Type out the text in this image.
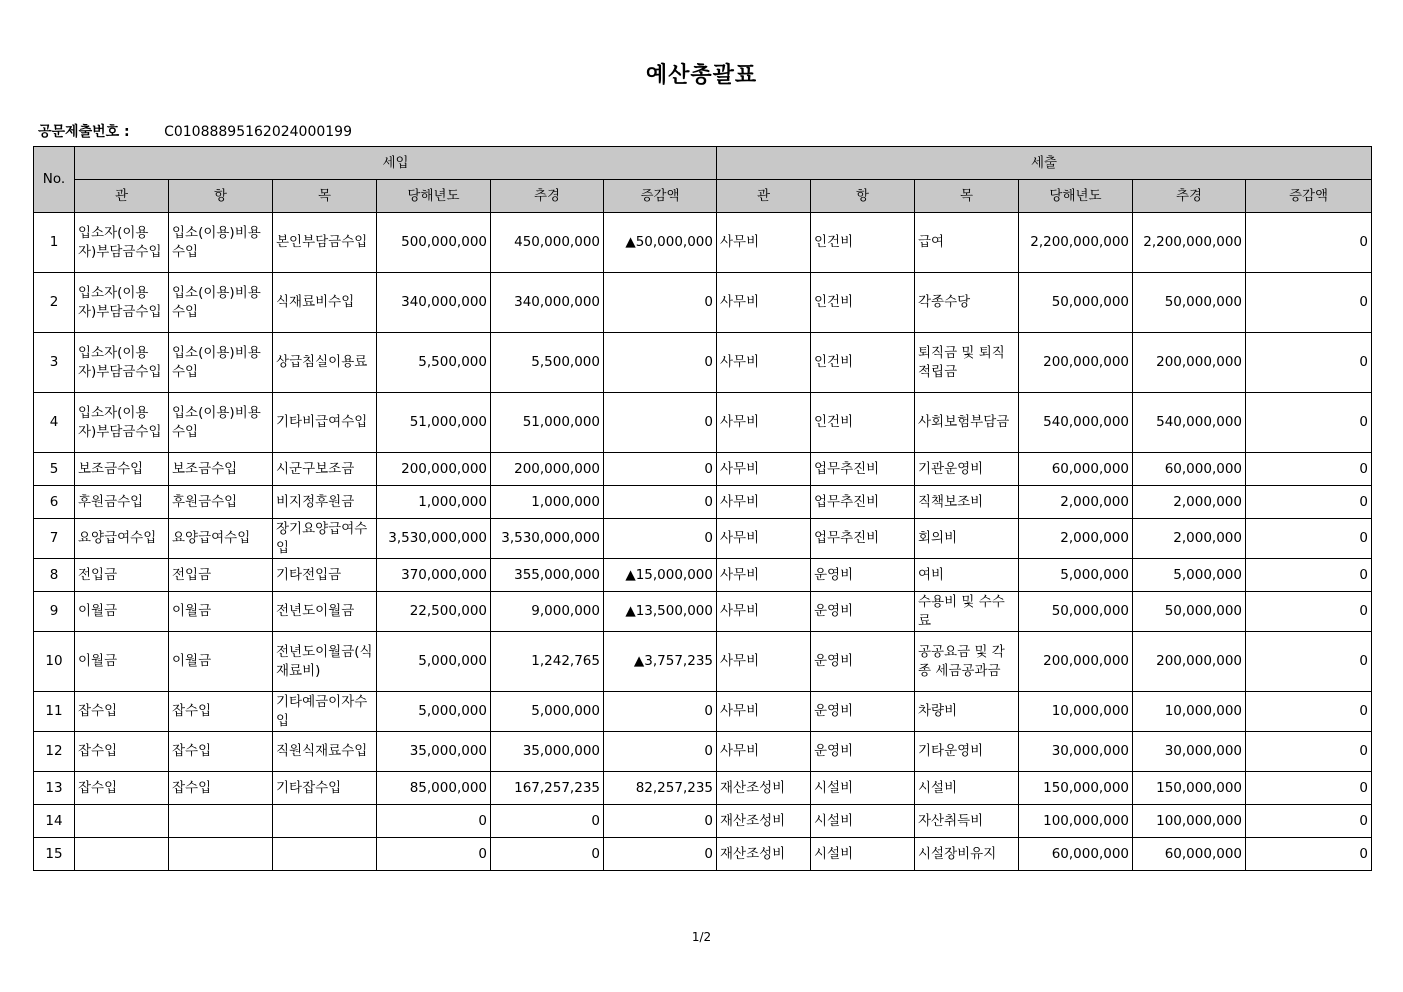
예산총괄표
공문제출번호 : C01088895162024000199
No.	세입						세출					
	관	항	목	당해년도	추경	증감액	관	항	목	당해년도	추경	증감액
1	입소자(이용자)부담금수입	입소(이용)비용수입	본인부담금수입	500,000,000	450,000,000	▲50,000,000	사무비	인건비	급여	2,200,000,000	2,200,000,000	0
2	입소자(이용자)부담금수입	입소(이용)비용수입	식재료비수입	340,000,000	340,000,000	0	사무비	인건비	각종수당	50,000,000	50,000,000	0
3	입소자(이용자)부담금수입	입소(이용)비용수입	상급침실이용료	5,500,000	5,500,000	0	사무비	인건비	퇴직금 및 퇴직적립금	200,000,000	200,000,000	0
4	입소자(이용자)부담금수입	입소(이용)비용수입	기타비급여수입	51,000,000	51,000,000	0	사무비	인건비	사회보험부담금	540,000,000	540,000,000	0
5	보조금수입	보조금수입	시군구보조금	200,000,000	200,000,000	0	사무비	업무추진비	기관운영비	60,000,000	60,000,000	0
6	후원금수입	후원금수입	비지정후원금	1,000,000	1,000,000	0	사무비	업무추진비	직책보조비	2,000,000	2,000,000	0
7	요양급여수입	요양급여수입	장기요양급여수입	3,530,000,000	3,530,000,000	0	사무비	업무추진비	회의비	2,000,000	2,000,000	0
8	전입금	전입금	기타전입금	370,000,000	355,000,000	▲15,000,000	사무비	운영비	여비	5,000,000	5,000,000	0
9	이월금	이월금	전년도이월금	22,500,000	9,000,000	▲13,500,000	사무비	운영비	수용비 및 수수료	50,000,000	50,000,000	0
10	이월금	이월금	전년도이월금(식재료비)	5,000,000	1,242,765	▲3,757,235	사무비	운영비	공공요금 및 각종 세금공과금	200,000,000	200,000,000	0
11	잡수입	잡수입	기타예금이자수입	5,000,000	5,000,000	0	사무비	운영비	차량비	10,000,000	10,000,000	0
12	잡수입	잡수입	직원식재료수입	35,000,000	35,000,000	0	사무비	운영비	기타운영비	30,000,000	30,000,000	0
13	잡수입	잡수입	기타잡수입	85,000,000	167,257,235	82,257,235	재산조성비	시설비	시설비	150,000,000	150,000,000	0
14				0	0	0	재산조성비	시설비	자산취득비	100,000,000	100,000,000	0
15				0	0	0	재산조성비	시설비	시설장비유지	60,000,000	60,000,000	0
1/2
